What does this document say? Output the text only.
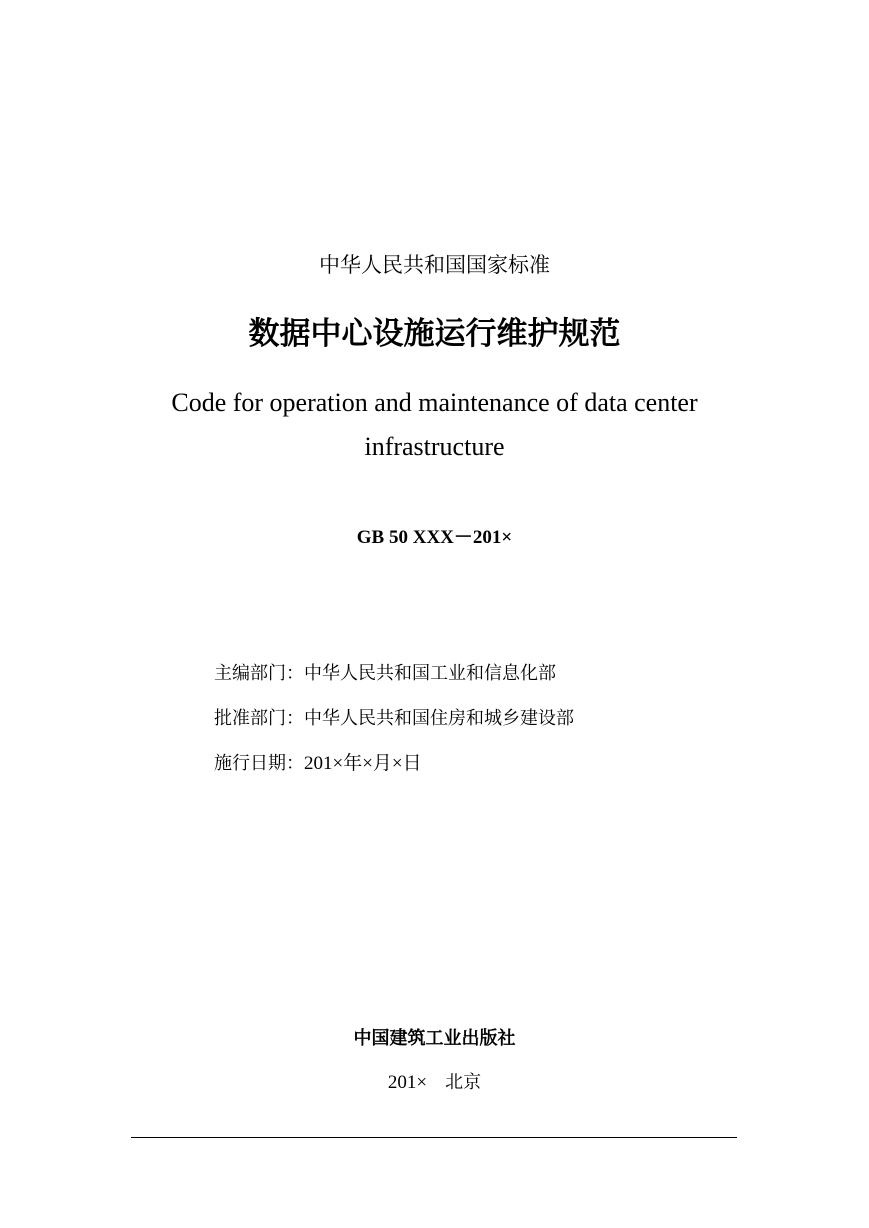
中华人民共和国国家标准
数据中心设施运行维护规范
Code for operation and maintenance of data center
infrastructure
GB 50 XXX－201×
主编部门：中华人民共和国工业和信息化部
批准部门：中华人民共和国住房和城乡建设部
施行日期：201×年×月×日
中国建筑工业出版社
201× 北京
